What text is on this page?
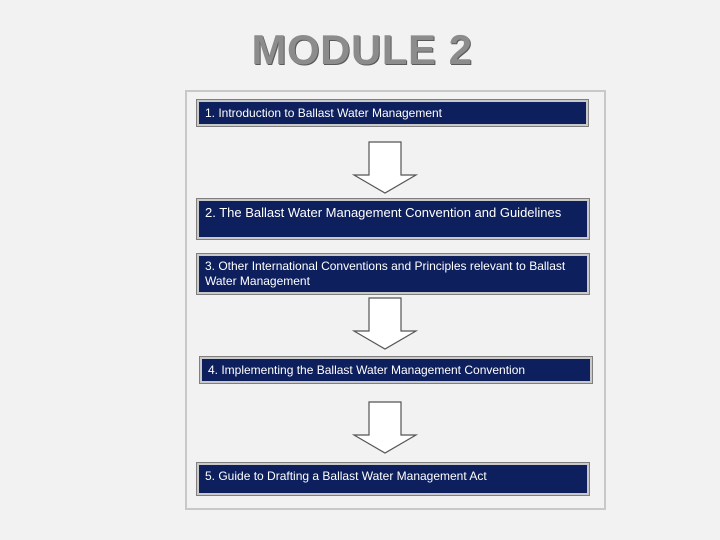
MODULE 2
1. Introduction to Ballast Water Management
2. The Ballast Water Management Convention and Guidelines
3. Other International Conventions and Principles relevant to Ballast Water Management
4. Implementing the Ballast Water Management Convention
5. Guide to Drafting a Ballast Water Management Act
